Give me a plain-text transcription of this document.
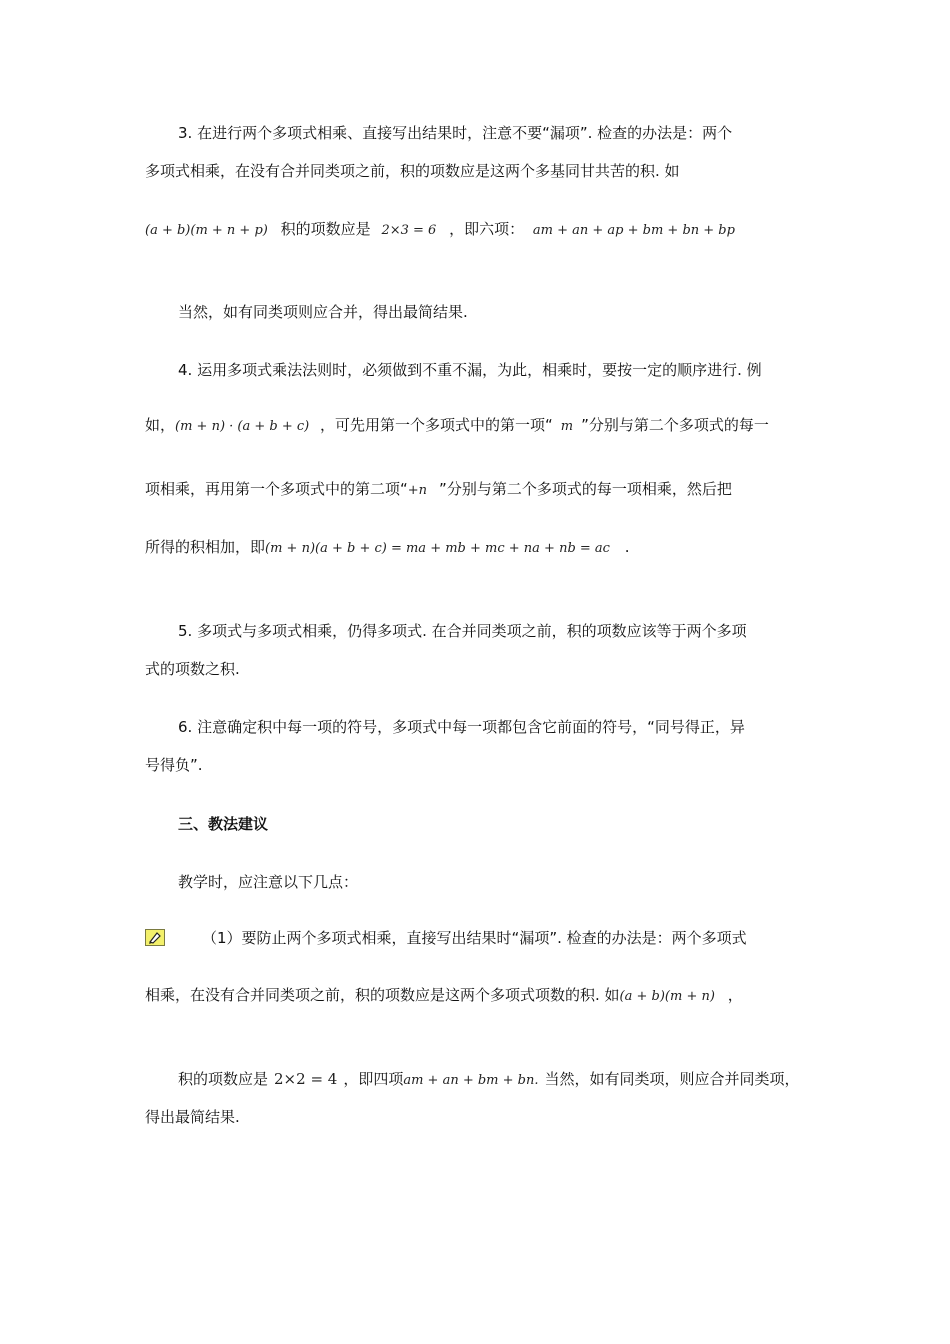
3. 在进行两个多项式相乘、直接写出结果时，注意不要“漏项”. 检查的办法是：两个
多项式相乘，在没有合并同类项之前，积的项数应是这两个多基同甘共苦的积. 如
(a + b)(m + n + p) 积的项数应是 2×3 = 6 ，即六项： am + an + ap + bm + bn + bp
当然，如有同类项则应合并，得出最简结果.
4. 运用多项式乘法法则时，必须做到不重不漏，为此，相乘时，要按一定的顺序进行. 例
如，(m + n) · (a + b + c) ，可先用第一个多项式中的第一项“ m ”分别与第二个多项式的每一
项相乘，再用第一个多项式中的第二项“+n ”分别与第二个多项式的每一项相乘，然后把
所得的积相加，即(m + n)(a + b + c) = ma + mb + mc + na + nb = ac .
5. 多项式与多项式相乘，仍得多项式. 在合并同类项之前，积的项数应该等于两个多项
式的项数之积.
6. 注意确定积中每一项的符号，多项式中每一项都包含它前面的符号，“同号得正，异
号得负”.
三、教法建议
教学时，应注意以下几点：
（1）要防止两个多项式相乘，直接写出结果时“漏项”. 检查的办法是：两个多项式
相乘，在没有合并同类项之前，积的项数应是这两个多项式项数的积. 如(a + b)(m + n) ，
积的项数应是 2×2 = 4 ，即四项am + an + bm + bn. 当然，如有同类项，则应合并同类项，
得出最简结果.
